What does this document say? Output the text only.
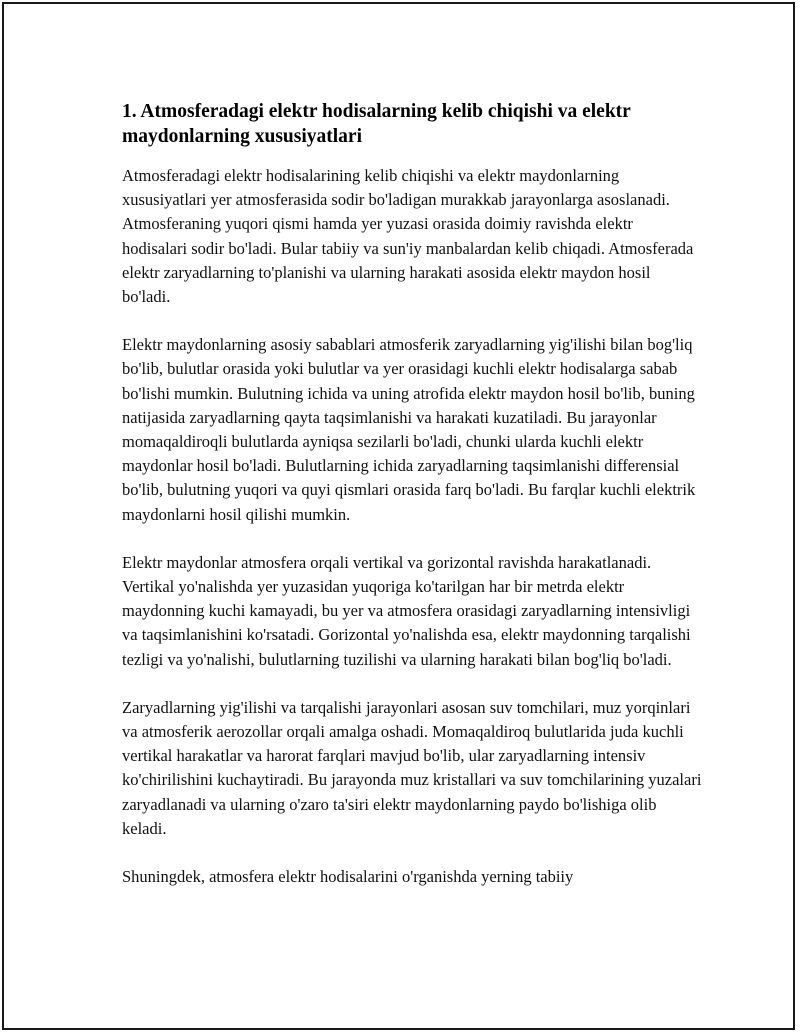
1. Atmosferadagi elektr hodisalarning kelib chiqishi va elektr maydonlarning xususiyatlari

Atmosferadagi elektr hodisalarining kelib chiqishi va elektr maydonlarning xususiyatlari yer atmosferasida sodir bo'ladigan murakkab jarayonlarga asoslanadi. Atmosferaning yuqori qismi hamda yer yuzasi orasida doimiy ravishda elektr hodisalari sodir bo'ladi. Bular tabiiy va sun'iy manbalardan kelib chiqadi. Atmosferada elektr zaryadlarning to'planishi va ularning harakati asosida elektr maydon hosil bo'ladi.

Elektr maydonlarning asosiy sabablari atmosferik zaryadlarning yig'ilishi bilan bog'liq bo'lib, bulutlar orasida yoki bulutlar va yer orasidagi kuchli elektr hodisalarga sabab bo'lishi mumkin. Bulutning ichida va uning atrofida elektr maydon hosil bo'lib, buning natijasida zaryadlarning qayta taqsimlanishi va harakati kuzatiladi. Bu jarayonlar momaqaldiroqli bulutlarda ayniqsa sezilarli bo'ladi, chunki ularda kuchli elektr maydonlar hosil bo'ladi. Bulutlarning ichida zaryadlarning taqsimlanishi differensial bo'lib, bulutning yuqori va quyi qismlari orasida farq bo'ladi. Bu farqlar kuchli elektrik maydonlarni hosil qilishi mumkin.

Elektr maydonlar atmosfera orqali vertikal va gorizontal ravishda harakatlanadi. Vertikal yo'nalishda yer yuzasidan yuqoriga ko'tarilgan har bir metrda elektr maydonning kuchi kamayadi, bu yer va atmosfera orasidagi zaryadlarning intensivligi va taqsimlanishini ko'rsatadi. Gorizontal yo'nalishda esa, elektr maydonning tarqalishi tezligi va yo'nalishi, bulutlarning tuzilishi va ularning harakati bilan bog'liq bo'ladi.

Zaryadlarning yig'ilishi va tarqalishi jarayonlari asosan suv tomchilari, muz yorqinlari va atmosferik aerozollar orqali amalga oshadi. Momaqaldiroq bulutlarida juda kuchli vertikal harakatlar va harorat farqlari mavjud bo'lib, ular zaryadlarning intensiv ko'chirilishini kuchaytiradi. Bu jarayonda muz kristallari va suv tomchilarining yuzalari zaryadlanadi va ularning o'zaro ta'siri elektr maydonlarning paydo bo'lishiga olib keladi.

Shuningdek, atmosfera elektr hodisalarini o'rganishda yerning tabiiy
